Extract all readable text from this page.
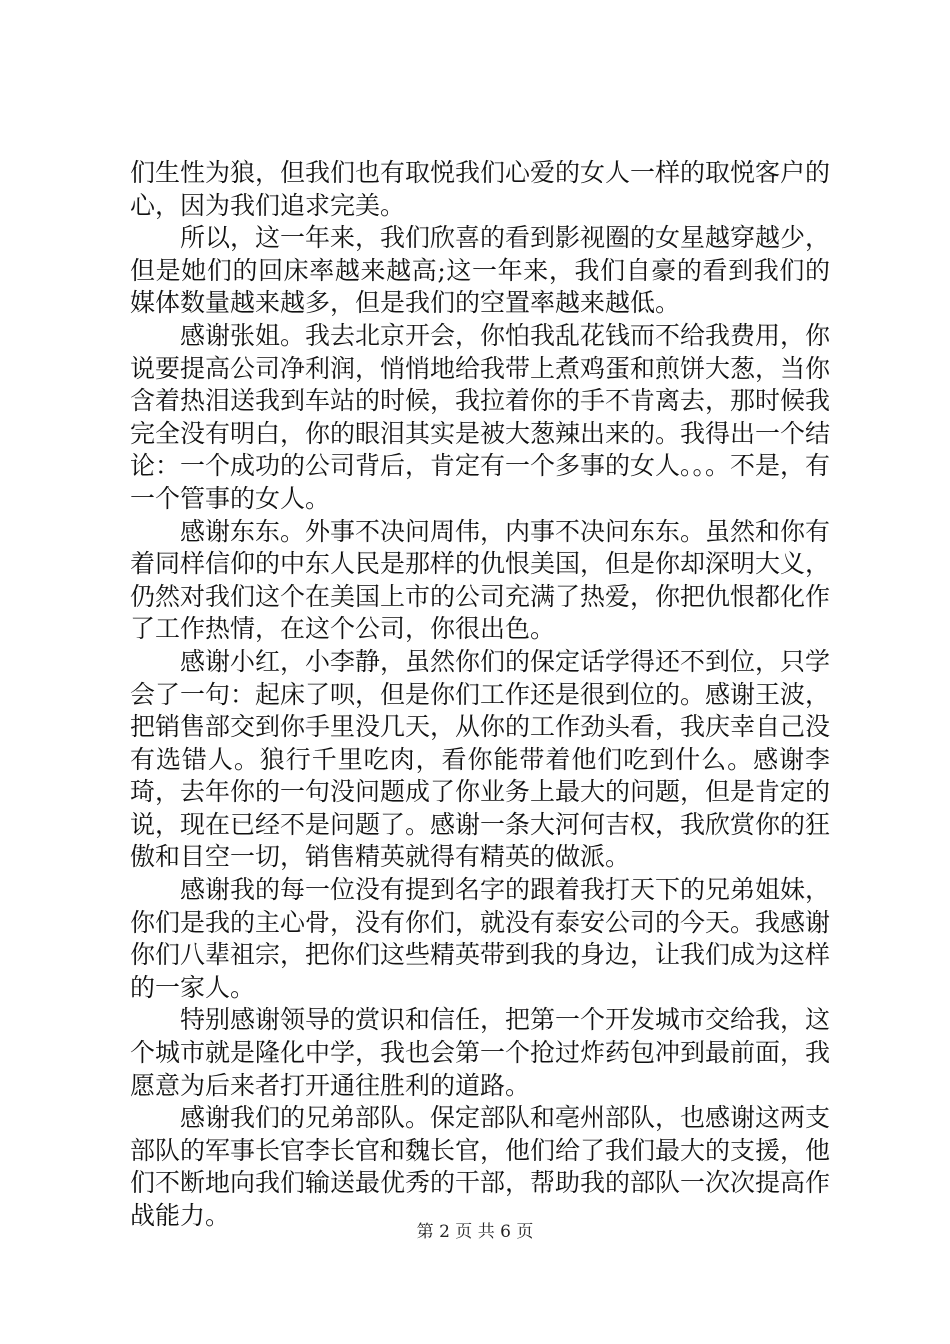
们生性为狼，但我们也有取悦我们心爱的女人一样的取悦客户的心，因为我们追求完美。

所以，这一年来，我们欣喜的看到影视圈的女星越穿越少，但是她们的回床率越来越高;这一年来，我们自豪的看到我们的媒体数量越来越多，但是我们的空置率越来越低。

感谢张姐。我去北京开会，你怕我乱花钱而不给我费用，你说要提高公司净利润，悄悄地给我带上煮鸡蛋和煎饼大葱，当你含着热泪送我到车站的时候，我拉着你的手不肯离去，那时候我完全没有明白，你的眼泪其实是被大葱辣出来的。我得出一个结论：一个成功的公司背后，肯定有一个多事的女人。。。不是，有一个管事的女人。

感谢东东。外事不决问周伟，内事不决问东东。虽然和你有着同样信仰的中东人民是那样的仇恨美国，但是你却深明大义，仍然对我们这个在美国上市的公司充满了热爱，你把仇恨都化作了工作热情，在这个公司，你很出色。

感谢小红，小李静，虽然你们的保定话学得还不到位，只学会了一句：起床了呗，但是你们工作还是很到位的。感谢王波，把销售部交到你手里没几天，从你的工作劲头看，我庆幸自己没有选错人。狼行千里吃肉，看你能带着他们吃到什么。感谢李琦，去年你的一句没问题成了你业务上最大的问题，但是肯定的说，现在已经不是问题了。感谢一条大河何吉权，我欣赏你的狂傲和目空一切，销售精英就得有精英的做派。

感谢我的每一位没有提到名字的跟着我打天下的兄弟姐妹，你们是我的主心骨，没有你们，就没有泰安公司的今天。我感谢你们八辈祖宗，把你们这些精英带到我的身边，让我们成为这样的一家人。

特别感谢领导的赏识和信任，把第一个开发城市交给我，这个城市就是隆化中学，我也会第一个抢过炸药包冲到最前面，我愿意为后来者打开通往胜利的道路。

感谢我们的兄弟部队。保定部队和亳州部队，也感谢这两支部队的军事长官李长官和魏长官，他们给了我们最大的支援，他们不断地向我们输送最优秀的干部，帮助我的部队一次次提高作战能力。

第 2 页 共 6 页
